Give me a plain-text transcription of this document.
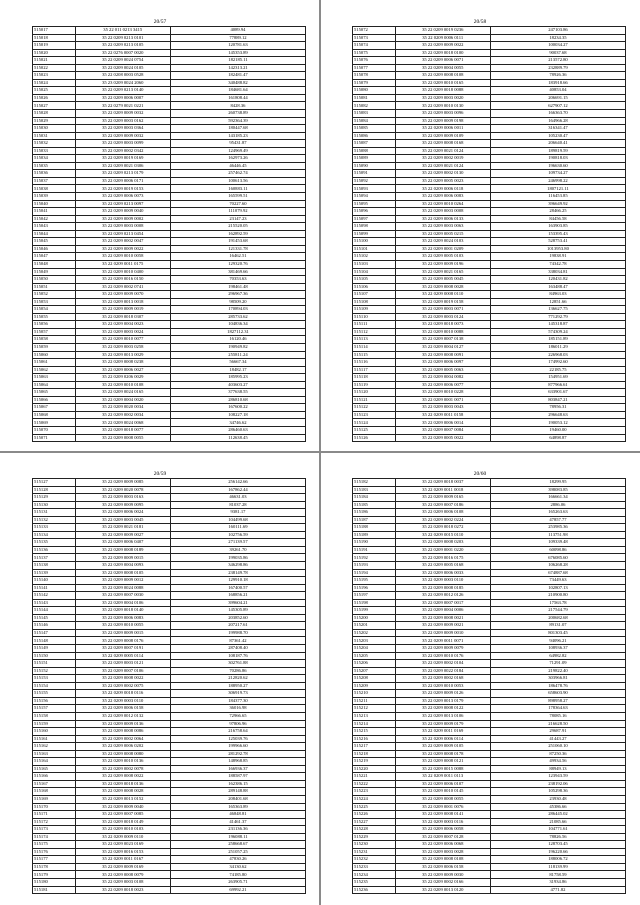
20/57
515017	35 22 011 0213 3415	4089.94
515018	35 22 0209 0213 0101	77889.12
515019	35 22 0209 0213 0105	120781.63
515020	35 22 0276 0007 0020	145353.89
515021	35 22 0209 0024 0754	182185.11
515022	35 22 0209 0024 0105	142313.21
515023	35 22 0208 0003 0528	182481.47
515024	35 23 0209 0024 2060	340488.82
515025	35 22 0209 0213 0140	184681.64
515026	35 22 0209 0006 0007	161808.44
515027	35 22 0279 0021 0221	8428.36
515028	35 22 0209 0009 0032	260738.89
515029	35 22 0209 0003 0162	592364.39
515030	35 22 0209 0003 0364	180447.68
515031	35 22 0209 0009 0032	143185.23
515032	35 22 0209 0003 0099	95431.87
515033	35 22 0209 0002 0342	124969.49
515034	35 22 0209 0019 0169	162973.26
515035	35 22 0209 0021 0306	46446.45
515036	35 22 0209 0213 0179	257462.74
515037	35 22 0209 0006 0171	100613.56
515038	35 22 0209 0019 0153	160883.11
515039	35 22 0209 0006 0073	165599.51
515040	35 22 0209 0213 0097	70227.60
515041	35 22 0209 0009 0040	111079.92
515042	35 22 0209 0009 0002	23147.23
515043	35 22 0209 0003 0008	215520.05
515044	35 22 0209 0213 0454	162892.59
515045	35 22 0209 0002 0047	191453.68
515046	35 22 0209 0009 0022	121331.78
515047	35 22 0209 0010 0058	16462.51
515048	35 22 0209 0011 0175	129320.76
515049	35 22 0209 0010 0400	381469.66
515050	35 22 0209 0016 0150	70353.63
515051	35 22 0209 0002 0741	198461.48
515052	35 22 0209 0009 0070	296967.36
515053	35 22 0209 0013 0018	98509.20
515054	35 22 0209 0009 0019	170894.03
515055	35 22 0209 0018 0307	285733.62
515056	35 22 0209 0004 0023	104836.34
515057	35 22 0209 0003 0024	1827112.31
515058	35 22 0209 0010 0077	16120.46
515059	35 22 0209 0003 0258	190949.82
515060	35 22 0209 0013 0029	255811.24
515061	35 22 0209 0008 0238	56667.34
515062	35 22 0209 0006 0027	18482.17
515063	35 22 0209 0206 0029	185995.23
515064	35 22 0209 0010 0108	403603.27
515065	35 22 0209 0024 0165	377638.55
515066	35 22 0209 0004 0020	286810.68
515067	35 22 0209 0020 0034	167600.22
515068	35 22 0209 0002 0034	108227.18
515069	35 22 0209 0024 0068	34746.62
515070	35 22 0209 0018 0077	286460.63
515071	35 22 0209 0008 0055	112638.45
20/58
515072	35 22 0209 0019 0236	247103.86
515073	35 22 0209 0006 0111	18234.35
515074	35 22 0209 0009 0022	100034.27
515075	35 22 0209 0018 0100	90037.68
515076	35 22 0209 0006 0071	213572.80
515077	35 22 0209 0004 0055	232889.79
515078	35 22 0209 0008 0108	78926.36
515079	35 22 0209 0010 0165	183918.66
515080	35 22 0209 0018 0088	40853.04
515081	35 22 0209 0003 0020	206691.15
515082	35 22 0209 0010 0130	627907.12
515083	35 22 0209 0003 0096	166363.70
515084	35 22 0209 0009 0198	164966.28
515085	35 22 0209 0006 0011	316341.47
515086	35 22 0209 0009 0109	105230.47
515087	35 22 0209 0008 0168	206640.41
515088	35 22 0209 0021 0124	189819.59
515089	35 22 0209 0002 0019	190818.03
515090	35 22 0209 0021 0124	196630.60
515091	35 22 0209 0002 0130	109734.27
515092	35 22 0209 0005 0023	246998.22
515093	35 22 0209 0006 0118	1807121.11
515094	35 22 0209 0006 0083	116453.85
515095	35 22 0209 0010 0264	396649.92
515096	35 22 0209 0003 0008	28466.25
515097	35 22 0209 0006 0133	84456.58
515098	35 22 0209 0003 0063	163903.85
515099	35 22 0209 0005 0215	153395.43
515100	35 22 0209 0024 0103	528753.41
515101	35 22 0209 0001 0209	1013953.80
515102	35 22 0209 0005 0103	19838.91
515103	35 22 0209 0009 0196	74342.78
515104	35 22 0209 0021 0165	338034.81
515105	35 22 0209 0005 0045	120431.82
515106	35 22 0209 0008 0028	163488.47
515107	35 22 0209 0008 0110	84963.03
515108	35 22 0209 0019 0158	12851.66
515109	35 22 0209 0003 0071	136627.75
515110	35 22 0209 0003 0124	771292.79
515111	35 22 0209 0018 0073	145318.87
515112	35 22 0209 0010 0088	574309.24
515113	35 22 0209 0007 0138	185151.89
515114	35 22 0209 0004 0127	186011.29
515115	35 22 0209 0008 0091	226968.03
515116	35 22 0209 0006 0097	174992.60
515117	35 22 0209 0005 0063	22185.75
515118	35 22 0209 0004 0082	154951.69
515119	35 22 0209 0006 0077	877966.61
515120	35 22 0209 0010 0228	633901.67
515121	35 22 0209 0001 0071	803847.21
515122	35 22 0209 0003 0043	78956.31
515123	35 22 0209 0011 0158	296648.63
515124	35 22 0209 0006 0014	190053.12
515125	35 22 0209 0007 0084	19460.00
515126	35 22 0209 0005 0022	64898.87
20/59
515127	35 22 0209 0009 0085	256142.66
515128	35 22 0209 0020 0078	167862.44
515129	35 22 0209 0003 0163	46631.03
515130	35 22 0209 0009 0095	81037.28
515131	35 22 0209 0006 0024	9381.17
515132	35 22 0209 0003 0045	104499.68
515133	35 22 0209 0021 0181	160111.69
515134	35 22 0209 0009 0027	102756.59
515135	35 22 0209 0006 0407	271139.57
515136	35 22 0209 0008 0189	39261.70
515137	35 22 0209 0009 0015	199035.86
515138	35 22 0209 0004 0093	346298.86
515139	35 22 0209 0008 0105	238149.78
515140	35 22 0209 0009 0012	129910.18
515141	35 22 0209 0024 0088	167400.57
515142	35 22 0209 0007 0030	168856.21
515143	35 22 0209 0004 0106	399604.21
515144	35 22 0209 0018 0140	145305.89
515145	35 22 0209 0006 0083	203852.60
515146	35 22 0209 0010 0055	207217.61
515147	35 22 0209 0009 0015	199988.70
515148	35 22 0209 0008 0176	87361.42
515149	35 22 0209 0007 0191	287408.40
515150	35 22 0209 0005 0114	108187.76
515151	35 22 0209 0003 0121	302761.88
515152	35 22 0209 0007 0106	70286.86
515153	35 22 0209 0008 0022	212820.62
515154	35 22 0209 0002 0075	188950.27
515155	35 22 0209 0018 0116	306919.73
515156	35 22 0209 0003 0110	184377.30
515157	35 22 0209 0006 0158	36016.98
515158	35 22 0209 0012 0132	72966.65
515159	35 22 0209 0009 0136	97806.96
515160	35 22 0209 0008 0086	216758.64
515161	35 22 0209 0002 0064	125039.76
515162	35 22 0209 0006 0202	199966.60
515163	35 22 0209 0008 0080	281292.78
515164	35 22 0209 0010 0136	148968.85
515165	35 22 0209 0002 0078	166936.37
515166	35 22 0209 0008 0022	188587.97
515167	35 22 0209 0018 0136	162386.15
515168	35 22 0209 0008 0028	289148.88
515169	35 22 0209 0013 0152	208401.68
515170	35 22 0209 0009 0040	165363.89
515171	35 22 0209 0007 0085	46848.81
515172	35 22 0209 0018 0149	41461.37
515173	35 22 0209 0010 0103	231136.36
515174	35 22 0209 0009 0110	196088.11
515175	35 22 0209 0023 0169	258668.67
515176	35 22 0209 0016 0153	251057.25
515177	35 22 0209 0011 0167	47830.26
515178	35 22 0209 0009 0169	34130.62
515179	35 22 0209 0008 0079	74185.80
515180	35 22 0209 0003 0108	263905.71
515181	35 22 0209 0018 0023	69992.21
20/60
515182	35 22 0209 0018 0037	18299.95
515183	35 22 0209 0011 0018	398083.85
515184	35 22 0209 0009 0165	166661.34
515185	35 22 0209 0007 0186	2886.06
515186	35 22 0209 0006 0108	165263.63
515187	35 22 0209 0002 0224	47857.77
515188	35 22 0209 0018 0272	253985.36
515189	35 22 0209 0015 0110	113751.98
515190	35 22 0209 0008 0203	109339.48
515191	35 22 0209 0001 0220	60098.86
515192	35 22 0209 0016 0175	676085.60
515193	35 22 0209 0005 0168	106268.28
515194	35 22 0209 0006 0033	674887.68
515195	35 22 0209 0003 0110	73449.63
515196	35 22 0209 0008 0185	102807.13
515197	35 22 0209 0012 0126	210900.80
515198	35 22 0209 0007 0017	17563.78
515199	35 22 0209 0004 0006	217544.79
515200	35 22 0209 0008 0021	200682.68
515201	35 22 0209 0009 0021	89131.07
515202	35 22 0209 0009 0010	801303.45
515203	35 22 0209 0011 0071	94096.21
515204	35 22 0209 0009 0079	108936.37
515205	35 22 0209 0010 0176	64982.82
515206	35 22 0209 0002 0104	71291.09
515207	35 22 0209 0022 0184	219822.40
515208	35 22 0209 0002 0168	303966.81
515209	35 22 0209 0010 0053	186478.76
515210	35 22 0209 0009 0126	658603.90
515211	35 22 0209 0013 0179	898958.27
515212	35 22 0209 0008 0122	178364.63
515213	35 22 0209 0013 0106	78085.16
515214	35 22 0209 0009 0179	216628.50
515215	35 22 0209 0011 0169	29687.91
515216	35 22 0209 0006 0114	41443.27
515217	35 22 0209 0009 0105	251060.10
515218	35 22 0209 0008 0178	87250.36
515219	35 22 0209 0008 0121	49934.56
515220	35 22 0209 0015 0088	88949.13
515221	35 22 0209 0011 0113	123943.59
515222	35 22 0209 0006 0107	238192.06
515223	35 22 0209 0010 0145	105298.36
515224	35 22 0209 0008 0055	23930.48
515225	35 22 0209 0001 0076	45386.66
515226	35 22 0209 0008 0141	286445.02
515227	35 22 0209 0003 0116	21085.66
515228	35 22 0209 0006 0058	104771.61
515229	35 22 0209 0007 0128	78826.56
515230	35 22 0209 0006 0068	128703.45
515231	35 22 0209 0003 0028	196220.66
515232	35 22 0209 0008 0108	188006.72
515233	35 22 0209 0006 0158	118139.99
515234	35 22 0209 0009 0030	81758.59
515235	35 22 0209 0002 0166	31934.86
515236	35 22 0209 0013 0120	4771.82
